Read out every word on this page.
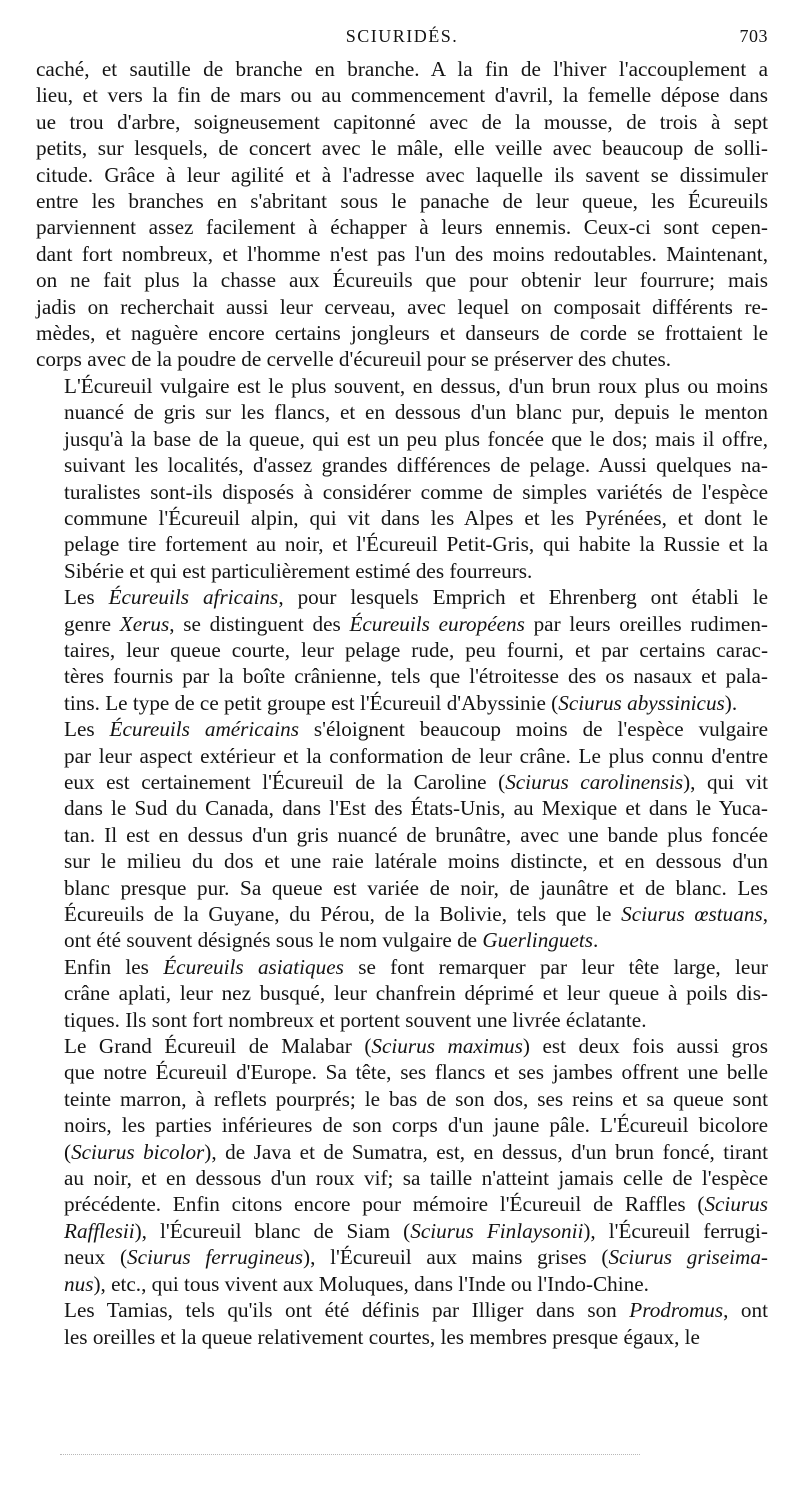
SCIURIDÉS.	703

caché, et sautille de branche en branche. A la fin de l'hiver l'accouplement a
lieu, et vers la fin de mars ou au commencement d'avril, la femelle dépose dans
ue trou d'arbre, soigneusement capitonné avec de la mousse, de trois à sept
petits, sur lesquels, de concert avec le mâle, elle veille avec beaucoup de solli-
citude. Grâce à leur agilité et à l'adresse avec laquelle ils savent se dissimuler
entre les branches en s'abritant sous le panache de leur queue, les Écureuils
parviennent assez facilement à échapper à leurs ennemis. Ceux-ci sont cepen-
dant fort nombreux, et l'homme n'est pas l'un des moins redoutables. Maintenant,
on ne fait plus la chasse aux Écureuils que pour obtenir leur fourrure; mais
jadis on recherchait aussi leur cerveau, avec lequel on composait différents re-
mèdes, et naguère encore certains jongleurs et danseurs de corde se frottaient le
corps avec de la poudre de cervelle d'écureuil pour se préserver des chutes.

L'Écureuil vulgaire est le plus souvent, en dessus, d'un brun roux plus ou moins
nuancé de gris sur les flancs, et en dessous d'un blanc pur, depuis le menton
jusqu'à la base de la queue, qui est un peu plus foncée que le dos; mais il offre,
suivant les localités, d'assez grandes différences de pelage. Aussi quelques na-
turalistes sont-ils disposés à considérer comme de simples variétés de l'espèce
commune l'Écureuil alpin, qui vit dans les Alpes et les Pyrénées, et dont le
pelage tire fortement au noir, et l'Écureuil Petit-Gris, qui habite la Russie et la
Sibérie et qui est particulièrement estimé des fourreurs.

Les Écureuils africains, pour lesquels Emprich et Ehrenberg ont établi le
genre Xerus, se distinguent des Écureuils européens par leurs oreilles rudimen-
taires, leur queue courte, leur pelage rude, peu fourni, et par certains carac-
tères fournis par la boîte crânienne, tels que l'étroitesse des os nasaux et pala-
tins. Le type de ce petit groupe est l'Écureuil d'Abyssinie (Sciurus abyssinicus).

Les Écureuils américains s'éloignent beaucoup moins de l'espèce vulgaire
par leur aspect extérieur et la conformation de leur crâne. Le plus connu d'entre
eux est certainement l'Écureuil de la Caroline (Sciurus carolinensis), qui vit
dans le Sud du Canada, dans l'Est des États-Unis, au Mexique et dans le Yuca-
tan. Il est en dessus d'un gris nuancé de brunâtre, avec une bande plus foncée
sur le milieu du dos et une raie latérale moins distincte, et en dessous d'un
blanc presque pur. Sa queue est variée de noir, de jaunâtre et de blanc. Les
Écureuils de la Guyane, du Pérou, de la Bolivie, tels que le Sciurus œstuans,
ont été souvent désignés sous le nom vulgaire de Guerlinguets.

Enfin les Écureuils asiatiques se font remarquer par leur tête large, leur
crâne aplati, leur nez busqué, leur chanfrein déprimé et leur queue à poils dis-
tiques. Ils sont fort nombreux et portent souvent une livrée éclatante.

Le Grand Écureuil de Malabar (Sciurus maximus) est deux fois aussi gros
que notre Écureuil d'Europe. Sa tête, ses flancs et ses jambes offrent une belle
teinte marron, à reflets pourprés; le bas de son dos, ses reins et sa queue sont
noirs, les parties inférieures de son corps d'un jaune pâle. L'Écureuil bicolore
(Sciurus bicolor), de Java et de Sumatra, est, en dessus, d'un brun foncé, tirant
au noir, et en dessous d'un roux vif; sa taille n'atteint jamais celle de l'espèce
précédente. Enfin citons encore pour mémoire l'Écureuil de Raffles (Sciurus
Rafflesii), l'Écureuil blanc de Siam (Sciurus Finlaysonii), l'Écureuil ferrugi-
neux (Sciurus ferrugineus), l'Écureuil aux mains grises (Sciurus griseima-
nus), etc., qui tous vivent aux Moluques, dans l'Inde ou l'Indo-Chine.

Les Tamias, tels qu'ils ont été définis par Illiger dans son Prodromus, ont
les oreilles et la queue relativement courtes, les membres presque égaux, le
